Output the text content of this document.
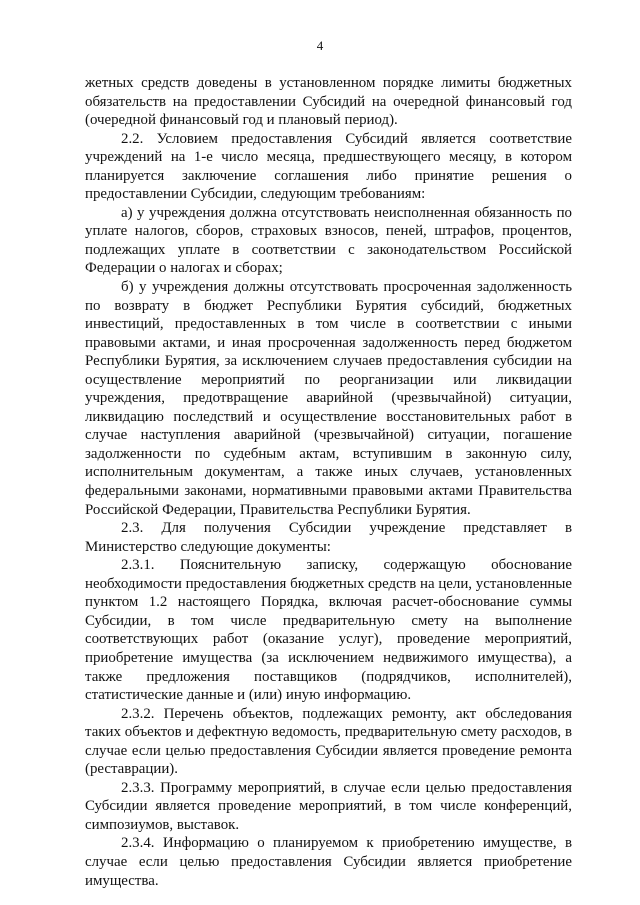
4

жетных средств доведены в установленном порядке лимиты бюджетных обязательств на предоставлении Субсидий на очередной финансовый год (очередной финансовый год и плановый период).

2.2. Условием предоставления Субсидий является соответствие учреждений на 1-е число месяца, предшествующего месяцу, в котором планируется заключение соглашения либо принятие решения о предоставлении Субсидии, следующим требованиям:

а) у учреждения должна отсутствовать неисполненная обязанность по уплате налогов, сборов, страховых взносов, пеней, штрафов, процентов, подлежащих уплате в соответствии с законодательством Российской Федерации о налогах и сборах;

б) у учреждения должны отсутствовать просроченная задолженность по возврату в бюджет Республики Бурятия субсидий, бюджетных инвестиций, предоставленных в том числе в соответствии с иными правовыми актами, и иная просроченная задолженность перед бюджетом Республики Бурятия, за исключением случаев предоставления субсидии на осуществление мероприятий по реорганизации или ликвидации учреждения, предотвращение аварийной (чрезвычайной) ситуации, ликвидацию последствий и осуществление восстановительных работ в случае наступления аварийной (чрезвычайной) ситуации, погашение задолженности по судебным актам, вступившим в законную силу, исполнительным документам, а также иных случаев, установленных федеральными законами, нормативными правовыми актами Правительства Российской Федерации, Правительства Республики Бурятия.

2.3. Для получения Субсидии учреждение представляет в Министерство следующие документы:

2.3.1. Пояснительную записку, содержащую обоснование необходимости предоставления бюджетных средств на цели, установленные пунктом 1.2 настоящего Порядка, включая расчет-обоснование суммы Субсидии, в том числе предварительную смету на выполнение соответствующих работ (оказание услуг), проведение мероприятий, приобретение имущества (за исключением недвижимого имущества), а также предложения поставщиков (подрядчиков, исполнителей), статистические данные и (или) иную информацию.

2.3.2. Перечень объектов, подлежащих ремонту, акт обследования таких объектов и дефектную ведомость, предварительную смету расходов, в случае если целью предоставления Субсидии является проведение ремонта (реставрации).

2.3.3. Программу мероприятий, в случае если целью предоставления Субсидии является проведение мероприятий, в том числе конференций, симпозиумов, выставок.

2.3.4. Информацию о планируемом к приобретению имуществе, в случае если целью предоставления Субсидии является приобретение имущества.
